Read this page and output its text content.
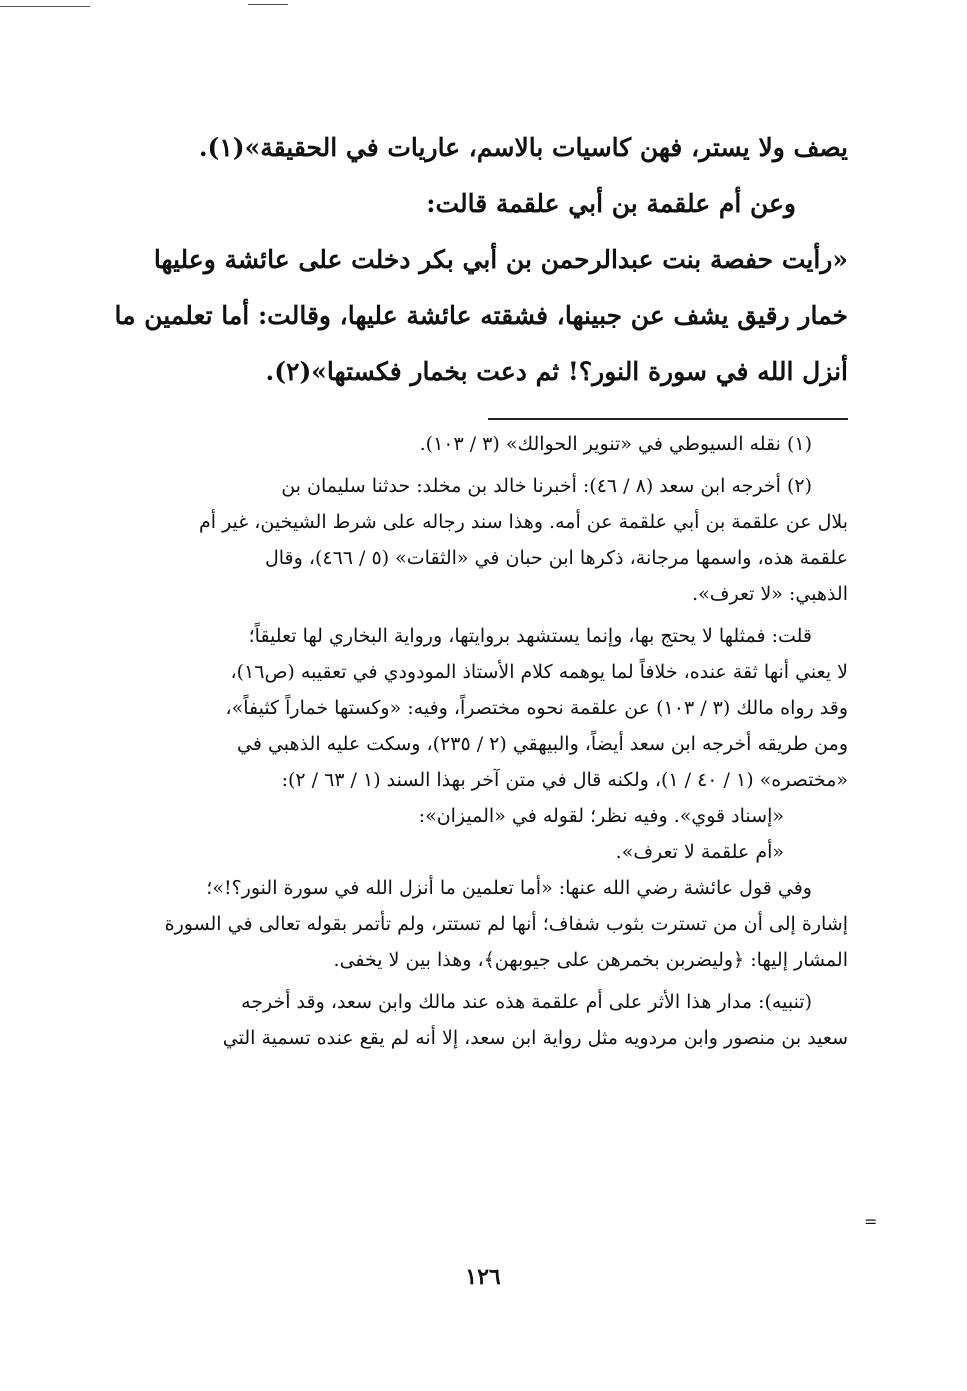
يصف ولا يستر، فهن كاسيات بالاسم، عاريات في الحقيقة»(١).

وعن أم علقمة بن أبي علقمة قالت:

«رأيت حفصة بنت عبدالرحمن بن أبي بكر دخلت على عائشة وعليها

خمار رقيق يشف عن جبينها، فشقته عائشة عليها، وقالت: أما تعلمين ما

أنزل الله في سورة النور؟! ثم دعت بخمار فكستها»(٢).

(١) نقله السيوطي في «تنوير الحوالك» (٣ / ١٠٣).

(٢) أخرجه ابن سعد (٨ / ٤٦): أخبرنا خالد بن مخلد: حدثنا سليمان بن

بلال عن علقمة بن أبي علقمة عن أمه. وهذا سند رجاله على شرط الشيخين، غير أم

علقمة هذه، واسمها مرجانة، ذكرها ابن حبان في «الثقات» (٥ / ٤٦٦)، وقال

الذهبي: «لا تعرف».

قلت: فمثلها لا يحتج بها، وإنما يستشهد بروايتها، ورواية البخاري لها تعليقاً؛

لا يعني أنها ثقة عنده، خلافاً لما يوهمه كلام الأستاذ المودودي في تعقيبه (ص١٦)،

وقد رواه مالك (٣ / ١٠٣) عن علقمة نحوه مختصراً، وفيه: «وكستها خماراً كثيفاً»،

ومن طريقه أخرجه ابن سعد أيضاً، والبيهقي (٢ / ٢٣٥)، وسكت عليه الذهبي في

«مختصره» (١ / ٤٠ / ١)، ولكنه قال في متن آخر بهذا السند (١ / ٦٣ / ٢):

«إسناد قوي». وفيه نظر؛ لقوله في «الميزان»:

«أم علقمة لا تعرف».

وفي قول عائشة رضي الله عنها: «أما تعلمين ما أنزل الله في سورة النور؟!»؛

إشارة إلى أن من تسترت بثوب شفاف؛ أنها لم تستتر، ولم تأتمر بقوله تعالى في السورة

المشار إليها: ﴿وليضربن بخمرهن على جيوبهن﴾، وهذا بين لا يخفى.

(تنبيه): مدار هذا الأثر على أم علقمة هذه عند مالك وابن سعد، وقد أخرجه

سعيد بن منصور وابن مردويه مثل رواية ابن سعد، إلا أنه لم يقع عنده تسمية التي

=
١٢٦
